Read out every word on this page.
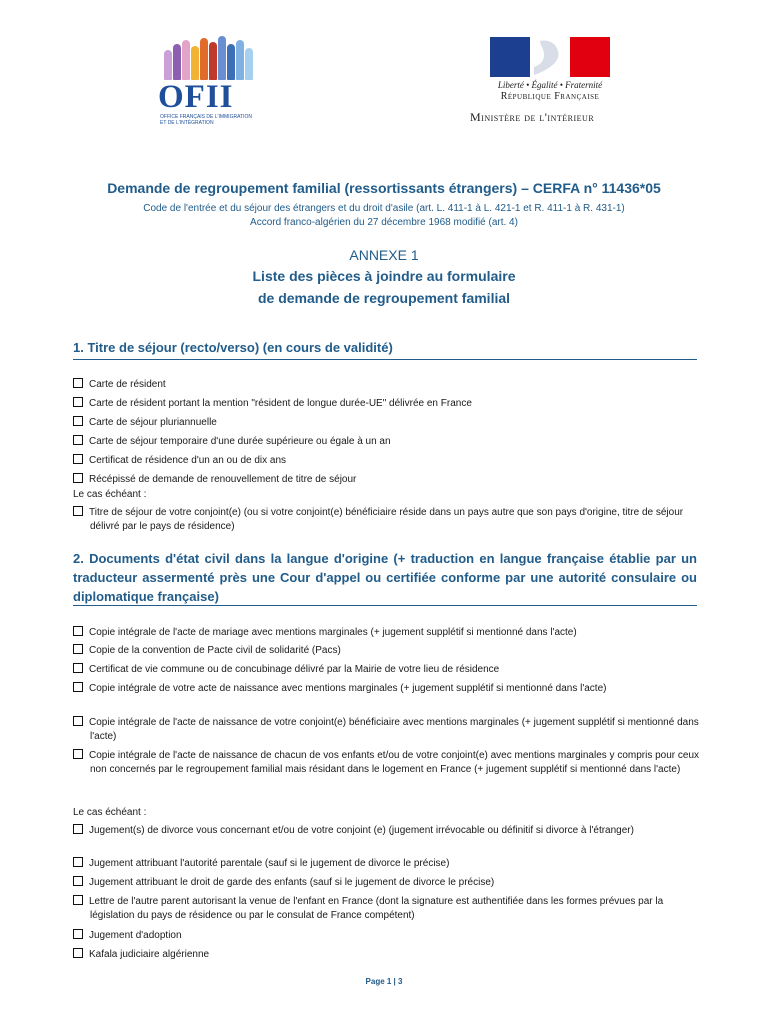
OFII
OFFICE FRANÇAIS DE L'IMMIGRATION
ET DE L'INTÉGRATION
Liberté • Égalité • Fraternité
République Française
Ministère de l'intérieur
Demande de regroupement familial (ressortissants étrangers) – CERFA n° 11436*05
Code de l'entrée et du séjour des étrangers et du droit d'asile (art. L. 411-1 à L. 421-1 et R. 411-1 à R. 431-1)
Accord franco-algérien du 27 décembre 1968 modifié (art. 4)
ANNEXE 1
Liste des pièces à joindre au formulaire
de demande de regroupement familial
1. Titre de séjour (recto/verso) (en cours de validité)
Carte de résident
Carte de résident portant la mention "résident de longue durée-UE" délivrée en France
Carte de séjour pluriannuelle
Carte de séjour temporaire d'une durée supérieure ou égale à un an
Certificat de résidence d'un an ou de dix ans
Récépissé de demande de renouvellement de titre de séjour
Le cas échéant :
Titre de séjour de votre conjoint(e) (ou si votre conjoint(e) bénéficiaire réside dans un pays autre que son pays d'origine, titre de séjour délivré par le pays de résidence)
2. Documents d'état civil dans la langue d'origine (+ traduction en langue française établie par un traducteur assermenté près une Cour d'appel ou certifiée conforme par une autorité consulaire ou diplomatique française)
Copie intégrale de l'acte de mariage avec mentions marginales (+ jugement supplétif si mentionné dans l'acte)
Copie de la convention de Pacte civil de solidarité (Pacs)
Certificat de vie commune ou de concubinage délivré par la Mairie de votre lieu de résidence
Copie intégrale de votre acte de naissance avec mentions marginales (+ jugement supplétif si mentionné dans l'acte)
Copie intégrale de l'acte de naissance de votre conjoint(e) bénéficiaire avec mentions marginales (+ jugement supplétif si mentionné dans l'acte)
Copie intégrale de l'acte de naissance de chacun de vos enfants et/ou de votre conjoint(e) avec mentions marginales y compris pour ceux non concernés par le regroupement familial mais résidant dans le logement en France (+ jugement supplétif si mentionné dans l'acte)
Le cas échéant :
Jugement(s) de divorce vous concernant et/ou de votre conjoint (e) (jugement irrévocable ou définitif si divorce à l'étranger)
Jugement attribuant l'autorité parentale (sauf si le jugement de divorce le précise)
Jugement attribuant le droit de garde des enfants (sauf si le jugement de divorce le précise)
Lettre de l'autre parent autorisant la venue de l'enfant en France (dont la signature est authentifiée dans les formes prévues par la législation du pays de résidence ou par le consulat de France compétent)
Jugement d'adoption
Kafala judiciaire algérienne
Page 1 | 3
